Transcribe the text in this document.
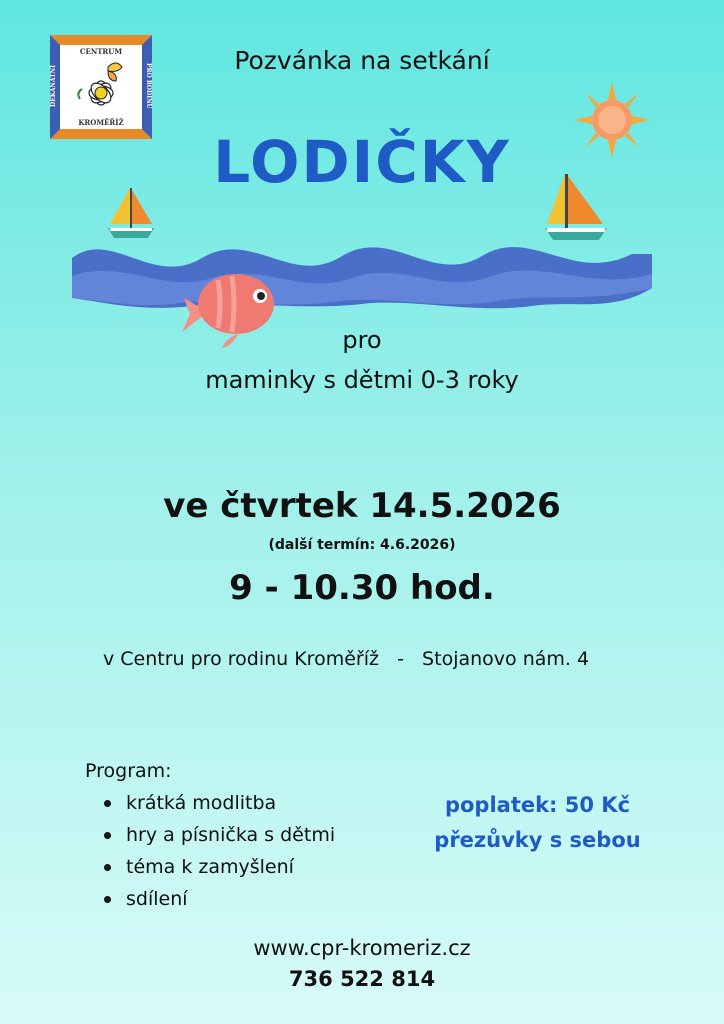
CENTRUM
DĚKANÁTNÍ	PRO RODINU
KROMĚŘÍŽ
Pozvánka na setkání
LODIČKY
pro
maminky s dětmi 0-3 roky
ve čtvrtek 14.5.2026
(další termín: 4.6.2026)
9 - 10.30 hod.
v Centru pro rodinu Kroměříž   -   Stojanovo nám. 4
Program:
krátká modlitba
hry a písnička s dětmi
téma k zamyšlení
sdílení
poplatek: 50 Kč
přezůvky s sebou
www.cpr-kromeriz.cz
736 522 814
